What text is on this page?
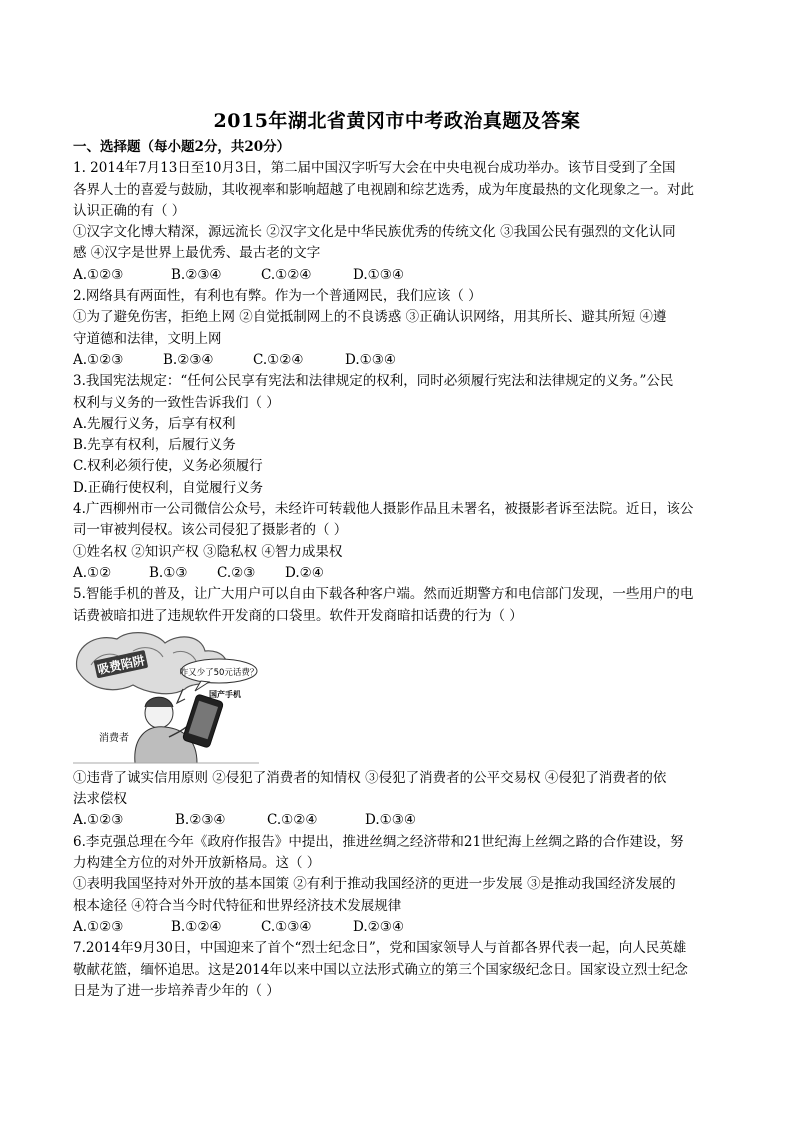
2015年湖北省黄冈市中考政治真题及答案
一、选择题（每小题2分，共20分）
1. 2014年7月13日至10月3日，第二届中国汉字听写大会在中央电视台成功举办。该节目受到了全国
各界人士的喜爱与鼓励，其收视率和影响超越了电视剧和综艺选秀，成为年度最热的文化现象之一。对此
认识正确的有（ ）
①汉字文化博大精深，源远流长 ②汉字文化是中华民族优秀的传统文化 ③我国公民有强烈的文化认同
感 ④汉字是世界上最优秀、最古老的文字
A.①②③	B.②③④	C.①②④	D.①③④
2.网络具有两面性，有利也有弊。作为一个普通网民，我们应该（ ）
①为了避免伤害，拒绝上网 ②自觉抵制网上的不良诱惑 ③正确认识网络，用其所长、避其所短 ④遵
守道德和法律，文明上网
A.①②③	B.②③④	C.①②④	D.①③④
3.我国宪法规定：“任何公民享有宪法和法律规定的权利，同时必须履行宪法和法律规定的义务。”公民
权利与义务的一致性告诉我们（ ）
A.先履行义务，后享有权利
B.先享有权利，后履行义务
C.权利必须行使，义务必须履行
D.正确行使权利，自觉履行义务
4.广西柳州市一公司微信公众号，未经许可转载他人摄影作品且未署名，被摄影者诉至法院。近日，该公
司一审被判侵权。该公司侵犯了摄影者的（ ）
①姓名权 ②知识产权 ③隐私权 ④智力成果权
A.①②	B.①③ C.②③ D.②④
5.智能手机的普及，让广大用户可以自由下载各种客户端。然而近期警方和电信部门发现，一些用户的电
话费被暗扣进了违规软件开发商的口袋里。软件开发商暗扣话费的行为（ ）
吸费陷阱	咋又少了50元话费？
国产手机
消费者
①违背了诚实信用原则 ②侵犯了消费者的知情权 ③侵犯了消费者的公平交易权 ④侵犯了消费者的依
法求偿权
A.①②③	B.②③④	C.①②④	D.①③④
6.李克强总理在今年《政府作报告》中提出，推进丝绸之经济带和21世纪海上丝绸之路的合作建设，努
力构建全方位的对外开放新格局。这（ ）
①表明我国坚持对外开放的基本国策 ②有利于推动我国经济的更进一步发展 ③是推动我国经济发展的
根本途径 ④符合当今时代特征和世界经济技术发展规律
A.①②③	B.①②④	C.①③④	D.②③④
7.2014年9月30日，中国迎来了首个“烈士纪念日”，党和国家领导人与首都各界代表一起，向人民英雄
敬献花篮，缅怀追思。这是2014年以来中国以立法形式确立的第三个国家级纪念日。国家设立烈士纪念
日是为了进一步培养青少年的（ ）
